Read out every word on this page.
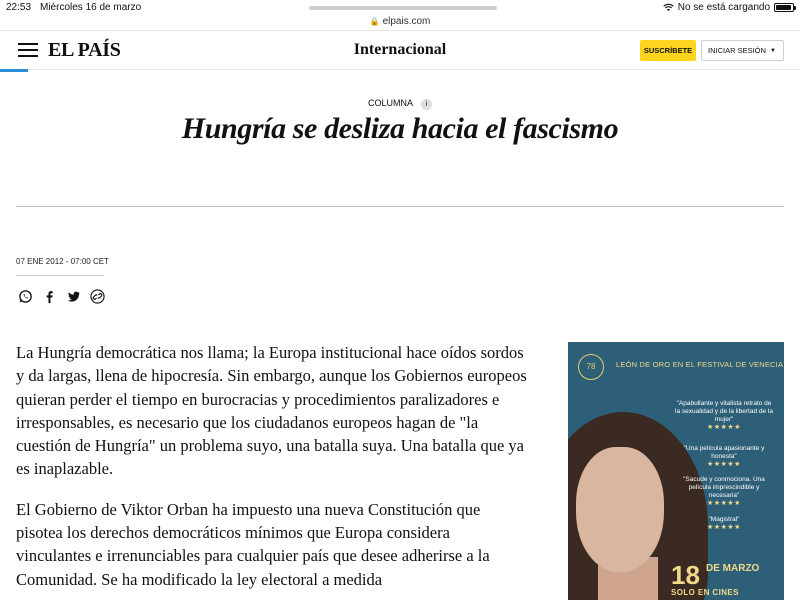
22:53 Miércoles 16 de marzo	No se está cargando
🔒 elpais.com
EL PAÍS	Internacional	SUSCRÍBETE	INICIAR SESIÓN ▼
COLUMNA i
Hungría se desliza hacia el fascismo
07 ENE 2012 - 07:00 CET

La Hungría democrática nos llama; la Europa institucional hace oídos sordos y da largas, llena de hipocresía. Sin embargo, aunque los Gobiernos europeos quieran perder el tiempo en burocracias y procedimientos paralizadores e irresponsables, es necesario que los ciudadanos europeos hagan de "la cuestión de Hungría" un problema suyo, una batalla suya. Una batalla que ya es inaplazable.

El Gobierno de Viktor Orban ha impuesto una nueva Constitución que pisotea los derechos democráticos mínimos que Europa considera vinculantes e irrenunciables para cualquier país que desee adherirse a la Comunidad. Se ha modificado la ley electoral a medida

78	LEÓN DE ORO EN EL FESTIVAL DE VENECIA
"Apabullante y vitalista retrato de la sexualidad y de la libertad de la mujer"
★★★★★
"Una película apasionante y honesta"
★★★★★
"Sacude y conmociona. Una película imprescindible y necesaria"
★★★★★
"Magistral"
★★★★★
18 DE MARZO
SOLO EN CINES
